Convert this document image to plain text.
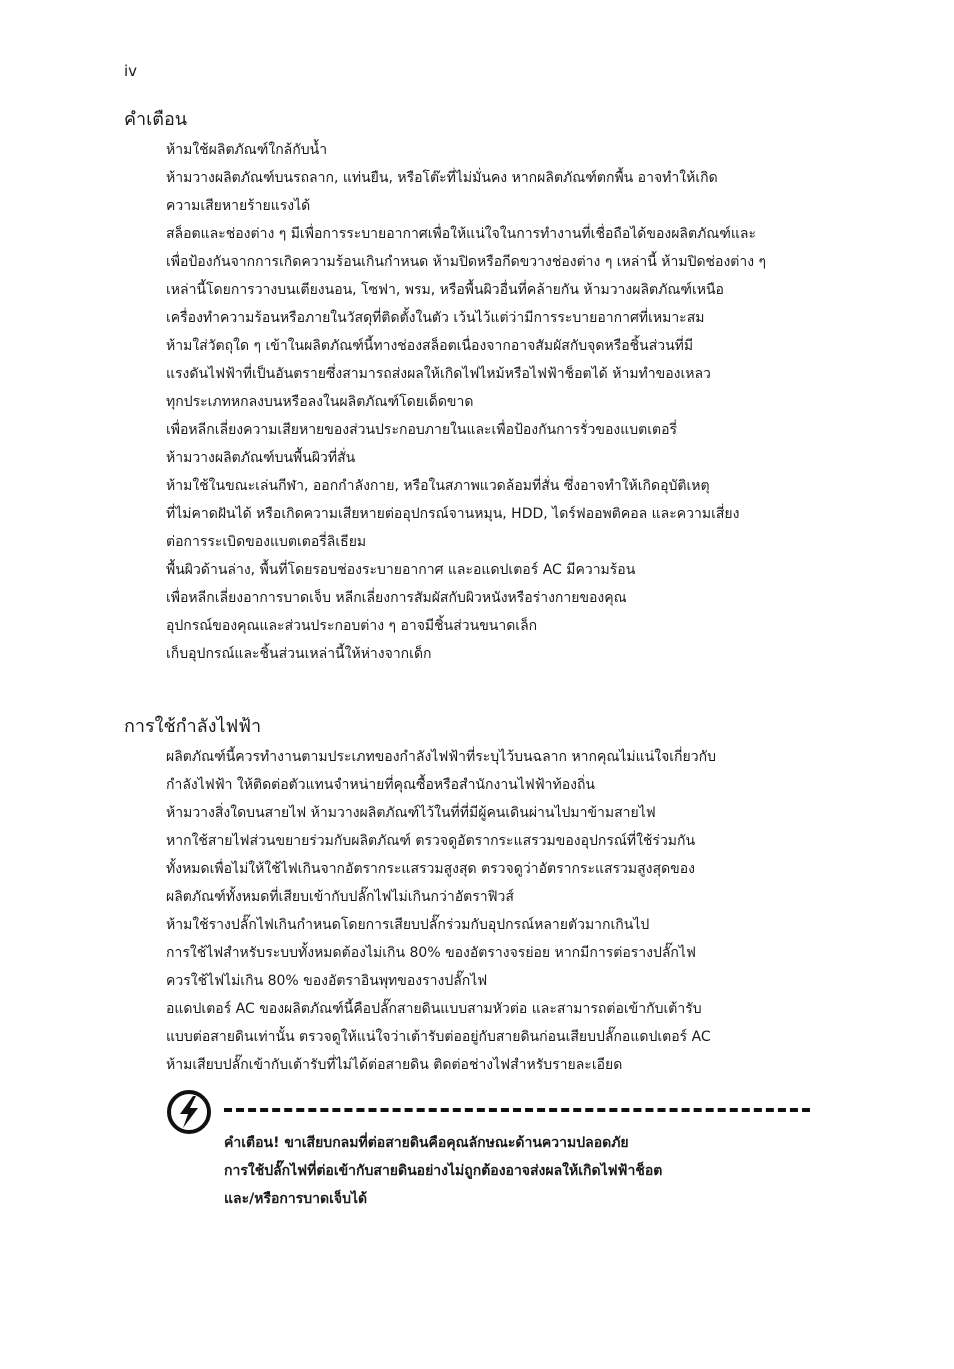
iv
คำเตือน
ห้ามใช้ผลิตภัณฑ์ใกล้กับน้ำ
ห้ามวางผลิตภัณฑ์บนรถลาก, แท่นยืน, หรือโต๊ะที่ไม่มั่นคง หากผลิตภัณฑ์ตกพื้น อาจทำให้เกิด
ความเสียหายร้ายแรงได้
สล็อตและช่องต่าง ๆ มีเพื่อการระบายอากาศเพื่อให้แน่ใจในการทำงานที่เชื่อถือได้ของผลิตภัณฑ์และ
เพื่อป้องกันจากการเกิดความร้อนเกินกำหนด ห้ามปิดหรือกีดขวางช่องต่าง ๆ เหล่านี้ ห้ามปิดช่องต่าง ๆ
เหล่านี้โดยการวางบนเตียงนอน, โซฟา, พรม, หรือพื้นผิวอื่นที่คล้ายกัน ห้ามวางผลิตภัณฑ์เหนือ
เครื่องทำความร้อนหรือภายในวัสดุที่ติดตั้งในตัว เว้นไว้แต่ว่ามีการระบายอากาศที่เหมาะสม
ห้ามใส่วัตถุใด ๆ เข้าในผลิตภัณฑ์นี้ทางช่องสล็อตเนื่องจากอาจสัมผัสกับจุดหรือชิ้นส่วนที่มี
แรงดันไฟฟ้าที่เป็นอันตรายซึ่งสามารถส่งผลให้เกิดไฟไหม้หรือไฟฟ้าช็อตได้ ห้ามทำของเหลว
ทุกประเภทหกลงบนหรือลงในผลิตภัณฑ์โดยเด็ดขาด
เพื่อหลีกเลี่ยงความเสียหายของส่วนประกอบภายในและเพื่อป้องกันการรั่วของแบตเตอรี่
ห้ามวางผลิตภัณฑ์บนพื้นผิวที่สั่น
ห้ามใช้ในขณะเล่นกีฬา, ออกกำลังกาย, หรือในสภาพแวดล้อมที่สั่น ซึ่งอาจทำให้เกิดอุบัติเหตุ
ที่ไม่คาดฝันได้ หรือเกิดความเสียหายต่ออุปกรณ์จานหมุน, HDD, ไดร์ฟออพติคอล และความเสี่ยง
ต่อการระเบิดของแบตเตอรี่ลิเธียม
พื้นผิวด้านล่าง, พื้นที่โดยรอบช่องระบายอากาศ และอแดปเตอร์ AC มีความร้อน
เพื่อหลีกเลี่ยงอาการบาดเจ็บ หลีกเลี่ยงการสัมผัสกับผิวหนังหรือร่างกายของคุณ
อุปกรณ์ของคุณและส่วนประกอบต่าง ๆ อาจมีชิ้นส่วนขนาดเล็ก
เก็บอุปกรณ์และชิ้นส่วนเหล่านี้ให้ห่างจากเด็ก
การใช้กำลังไฟฟ้า
ผลิตภัณฑ์นี้ควรทำงานตามประเภทของกำลังไฟฟ้าที่ระบุไว้บนฉลาก หากคุณไม่แน่ใจเกี่ยวกับ
กำลังไฟฟ้า ให้ติดต่อตัวแทนจำหน่ายที่คุณซื้อหรือสำนักงานไฟฟ้าท้องถิ่น
ห้ามวางสิ่งใดบนสายไฟ ห้ามวางผลิตภัณฑ์ไว้ในที่ที่มีผู้คนเดินผ่านไปมาข้ามสายไฟ
หากใช้สายไฟส่วนขยายร่วมกับผลิตภัณฑ์ ตรวจดูอัตรากระแสรวมของอุปกรณ์ที่ใช้ร่วมกัน
ทั้งหมดเพื่อไม่ให้ใช้ไฟเกินจากอัตรากระแสรวมสูงสุด ตรวจดูว่าอัตรากระแสรวมสูงสุดของ
ผลิตภัณฑ์ทั้งหมดที่เสียบเข้ากับปลั๊กไฟไม่เกินกว่าอัตราฟิวส์
ห้ามใช้รางปลั๊กไฟเกินกำหนดโดยการเสียบปลั๊กร่วมกับอุปกรณ์หลายตัวมากเกินไป
การใช้ไฟสำหรับระบบทั้งหมดต้องไม่เกิน 80% ของอัตรางจรย่อย หากมีการต่อรางปลั๊กไฟ
ควรใช้ไฟไม่เกิน 80% ของอัตราอินพุทของรางปลั๊กไฟ
อแดปเตอร์ AC ของผลิตภัณฑ์นี้คือปลั๊กสายดินแบบสามหัวต่อ และสามารถต่อเข้ากับเต้ารับ
แบบต่อสายดินเท่านั้น ตรวจดูให้แน่ใจว่าเต้ารับต่ออยู่กับสายดินก่อนเสียบปลั๊กอแดปเตอร์ AC
ห้ามเสียบปลั๊กเข้ากับเต้ารับที่ไม่ได้ต่อสายดิน ติดต่อช่างไฟสำหรับรายละเอียด
คำเตือน! ขาเสียบกลมที่ต่อสายดินคือคุณลักษณะด้านความปลอดภัย
การใช้ปลั๊กไฟที่ต่อเข้ากับสายดินอย่างไม่ถูกต้องอาจส่งผลให้เกิดไฟฟ้าช็อต
และ/หรือการบาดเจ็บได้
